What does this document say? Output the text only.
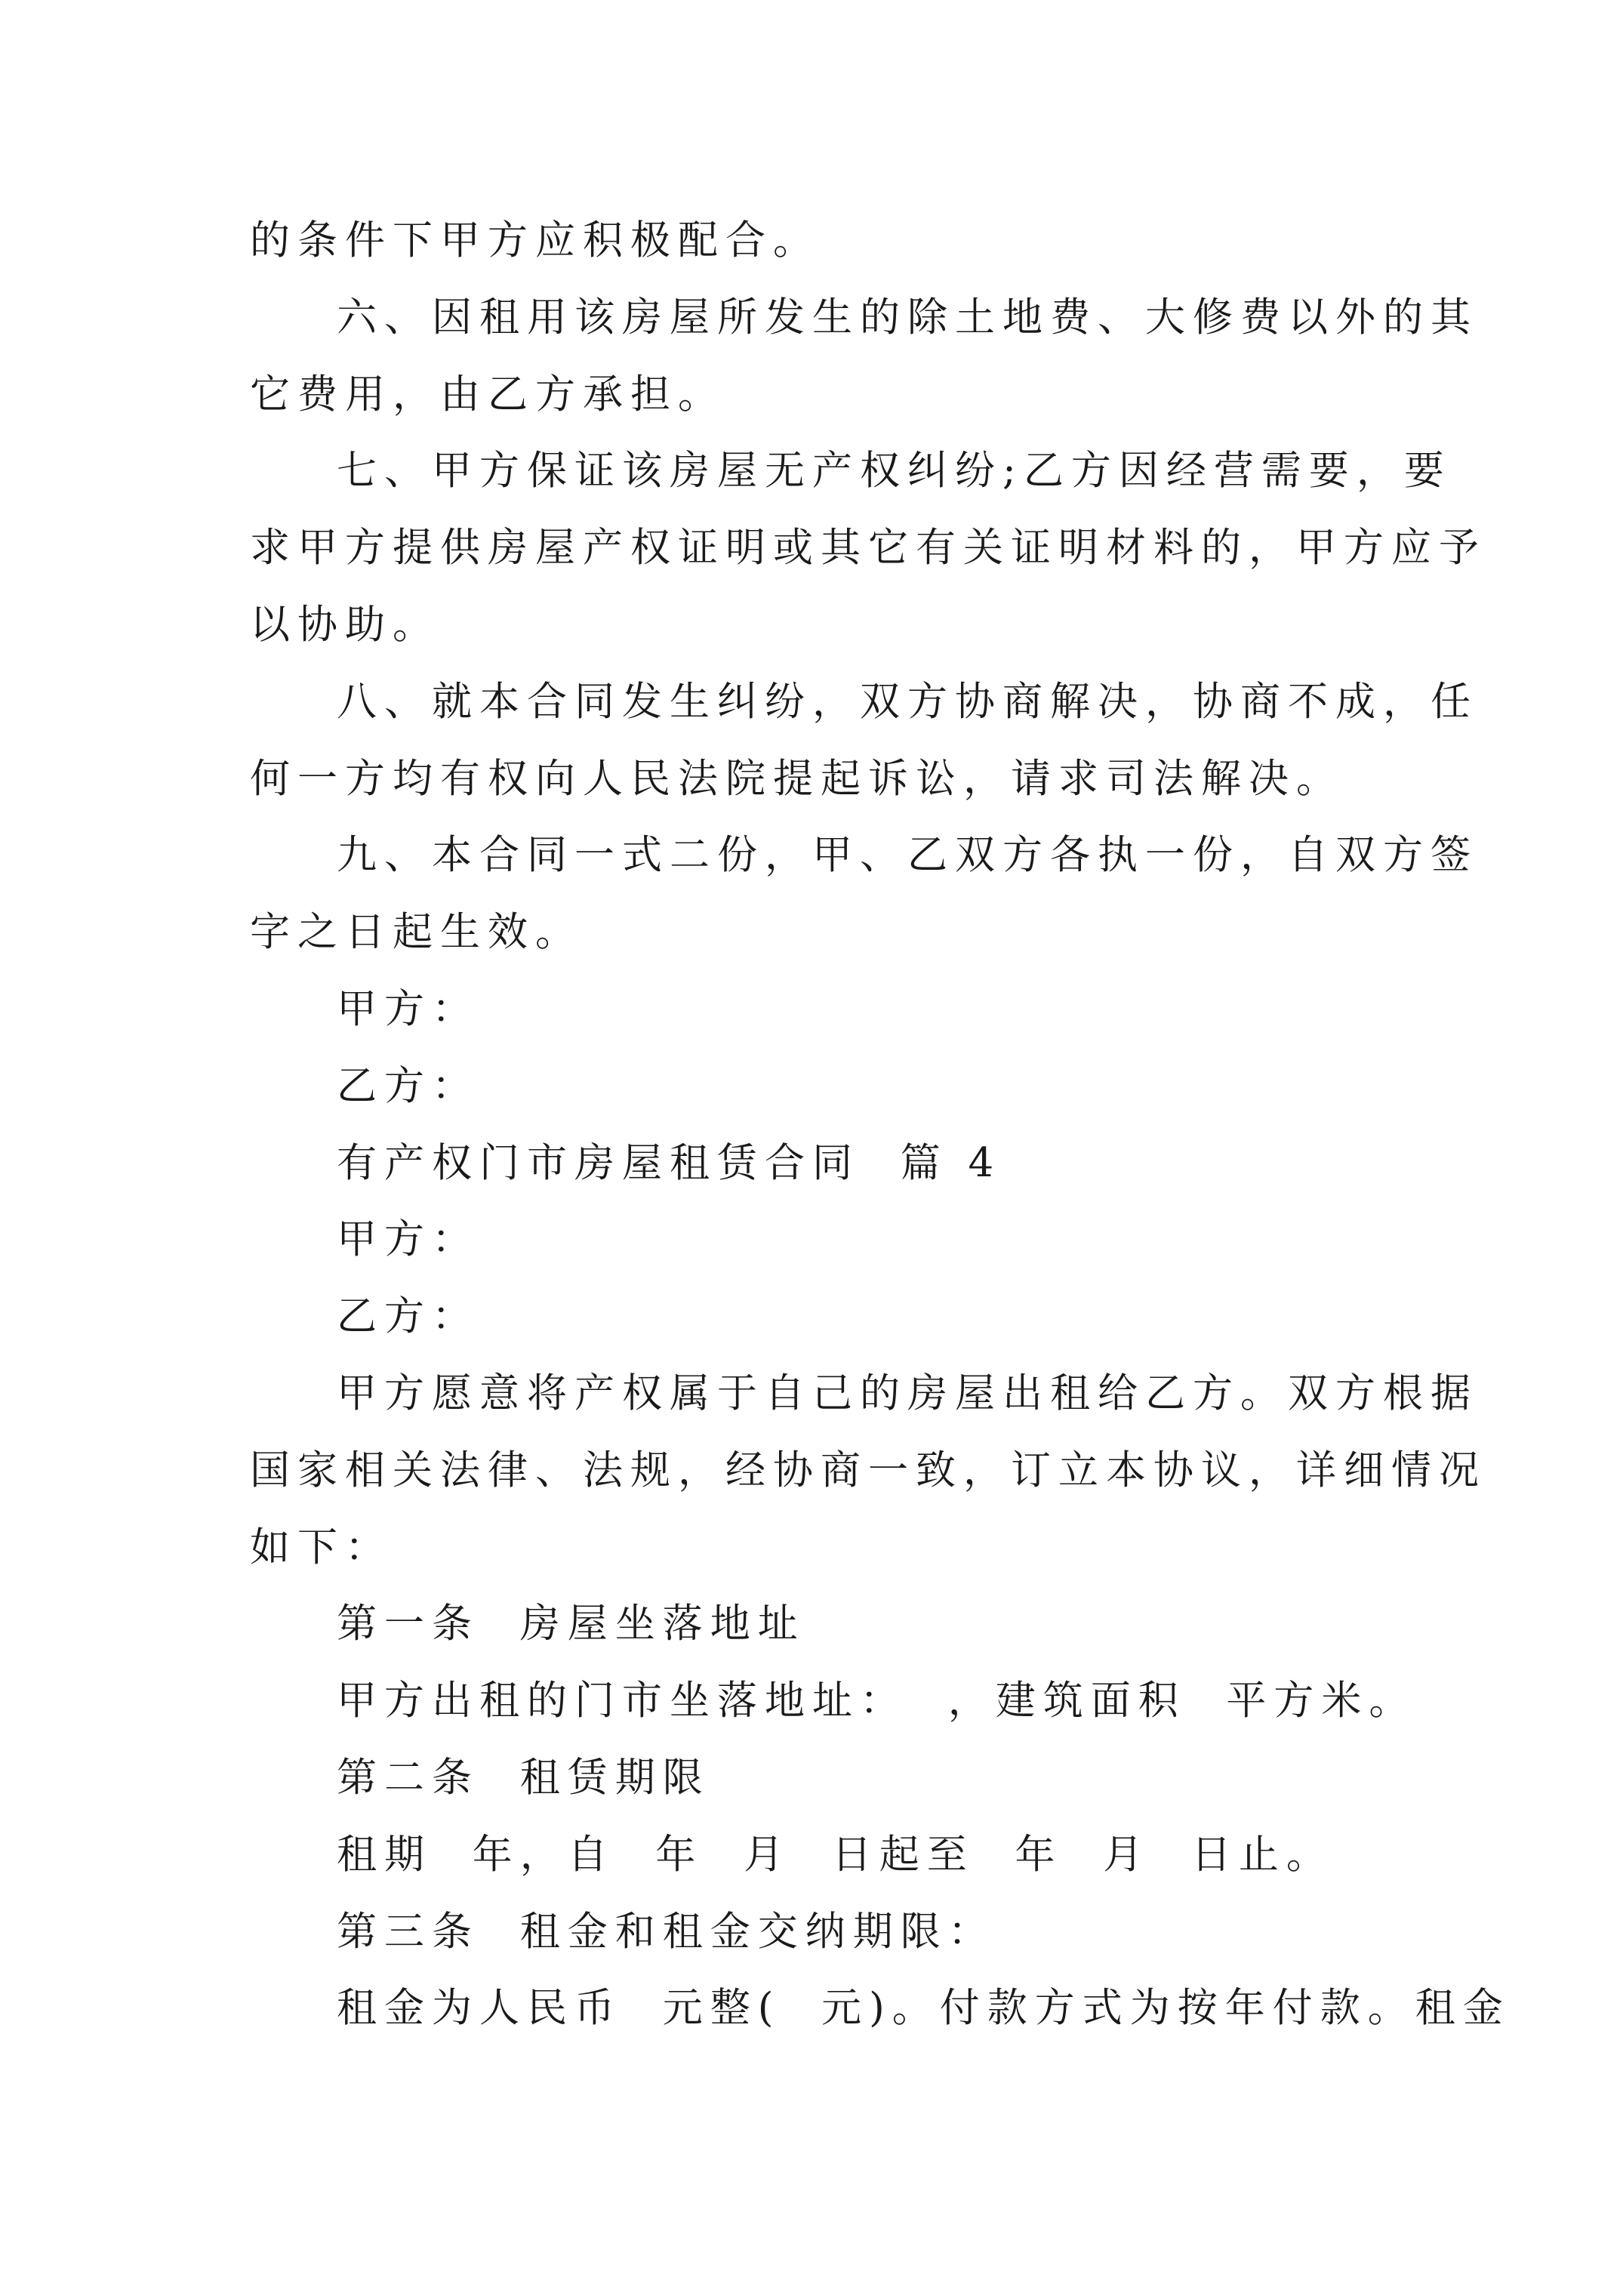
的条件下甲方应积极配合。
六、因租用该房屋所发生的除土地费、大修费以外的其
它费用，由乙方承担。
七、甲方保证该房屋无产权纠纷;乙方因经营需要，要
求甲方提供房屋产权证明或其它有关证明材料的，甲方应予
以协助。
八、就本合同发生纠纷，双方协商解决，协商不成，任
何一方均有权向人民法院提起诉讼，请求司法解决。
九、本合同一式二份，甲、乙双方各执一份，自双方签
字之日起生效。
甲方：
乙方：
有产权门市房屋租赁合同  篇 4
甲方：
乙方：
甲方愿意将产权属于自己的房屋出租给乙方。双方根据
国家相关法律、法规，经协商一致，订立本协议，详细情况
如下：
第一条  房屋坐落地址
甲方出租的门市坐落地址：  ，建筑面积  平方米。
第二条  租赁期限
租期  年，自  年  月  日起至  年  月  日止。
第三条  租金和租金交纳期限：
租金为人民币  元整(  元)。付款方式为按年付款。租金
